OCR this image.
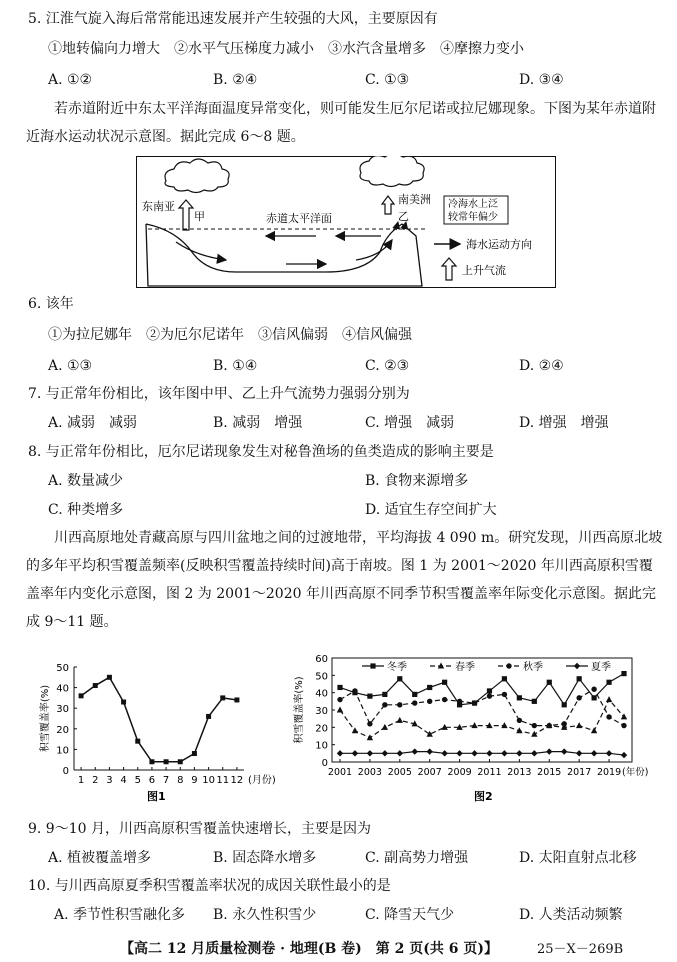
5. 江淮气旋入海后常常能迅速发展并产生较强的大风，主要原因有
①地转偏向力增大　②水平气压梯度力减小　③水汽含量增多　④摩擦力变小
A. ①②	B. ②④	C. ①③	D. ③④
若赤道附近中东太平洋海面温度异常变化，则可能发生厄尔尼诺或拉尼娜现象。下图为某年赤道附近海水运动状况示意图。据此完成 6～8 题。
东南亚
甲
南美洲
乙
冷海水上泛
较常年偏少
赤道太平洋面
海水运动方向
上升气流
6. 该年
①为拉尼娜年　②为厄尔尼诺年　③信风偏弱　④信风偏强
A. ①③	B. ①④	C. ②③	D. ②④
7. 与正常年份相比，该年图中甲、乙上升气流势力强弱分别为
A. 减弱　减弱	B. 减弱　增强	C. 增强　减弱	D. 增强　增强
8. 与正常年份相比，厄尔尼诺现象发生对秘鲁渔场的鱼类造成的影响主要是
A. 数量减少	B. 食物来源增多
C. 种类增多	D. 适宜生存空间扩大
川西高原地处青藏高原与四川盆地之间的过渡地带，平均海拔 4 090 m。研究发现，川西高原北坡的多年平均积雪覆盖频率(反映积雪覆盖持续时间)高于南坡。图 1 为 2001～2020 年川西高原积雪覆盖率年内变化示意图，图 2 为 2001～2020 年川西高原不同季节积雪覆盖率年际变化示意图。据此完成 9～11 题。
0
10
20
30
40
50
1 2 3 4 5 6 7 8 9 10 11 12 (月份)
积雪覆盖率(%)
图1
0
10
20
30
40
50
60
2001 2003 2005 2007 2009 2011 2013 2015 2017 2019 (年份)
积雪覆盖率(%)
冬季	春季	秋季	夏季
图2
9. 9～10 月，川西高原积雪覆盖快速增长，主要是因为
A. 植被覆盖增多	B. 固态降水增多	C. 副高势力增强	D. 太阳直射点北移
10. 与川西高原夏季积雪覆盖率状况的成因关联性最小的是
A. 季节性积雪融化多 B. 永久性积雪少	C. 降雪天气少	D. 人类活动频繁
【高二 12 月质量检测卷 · 地理(B 卷)　第 2 页(共 6 页)】	25－X－269B
